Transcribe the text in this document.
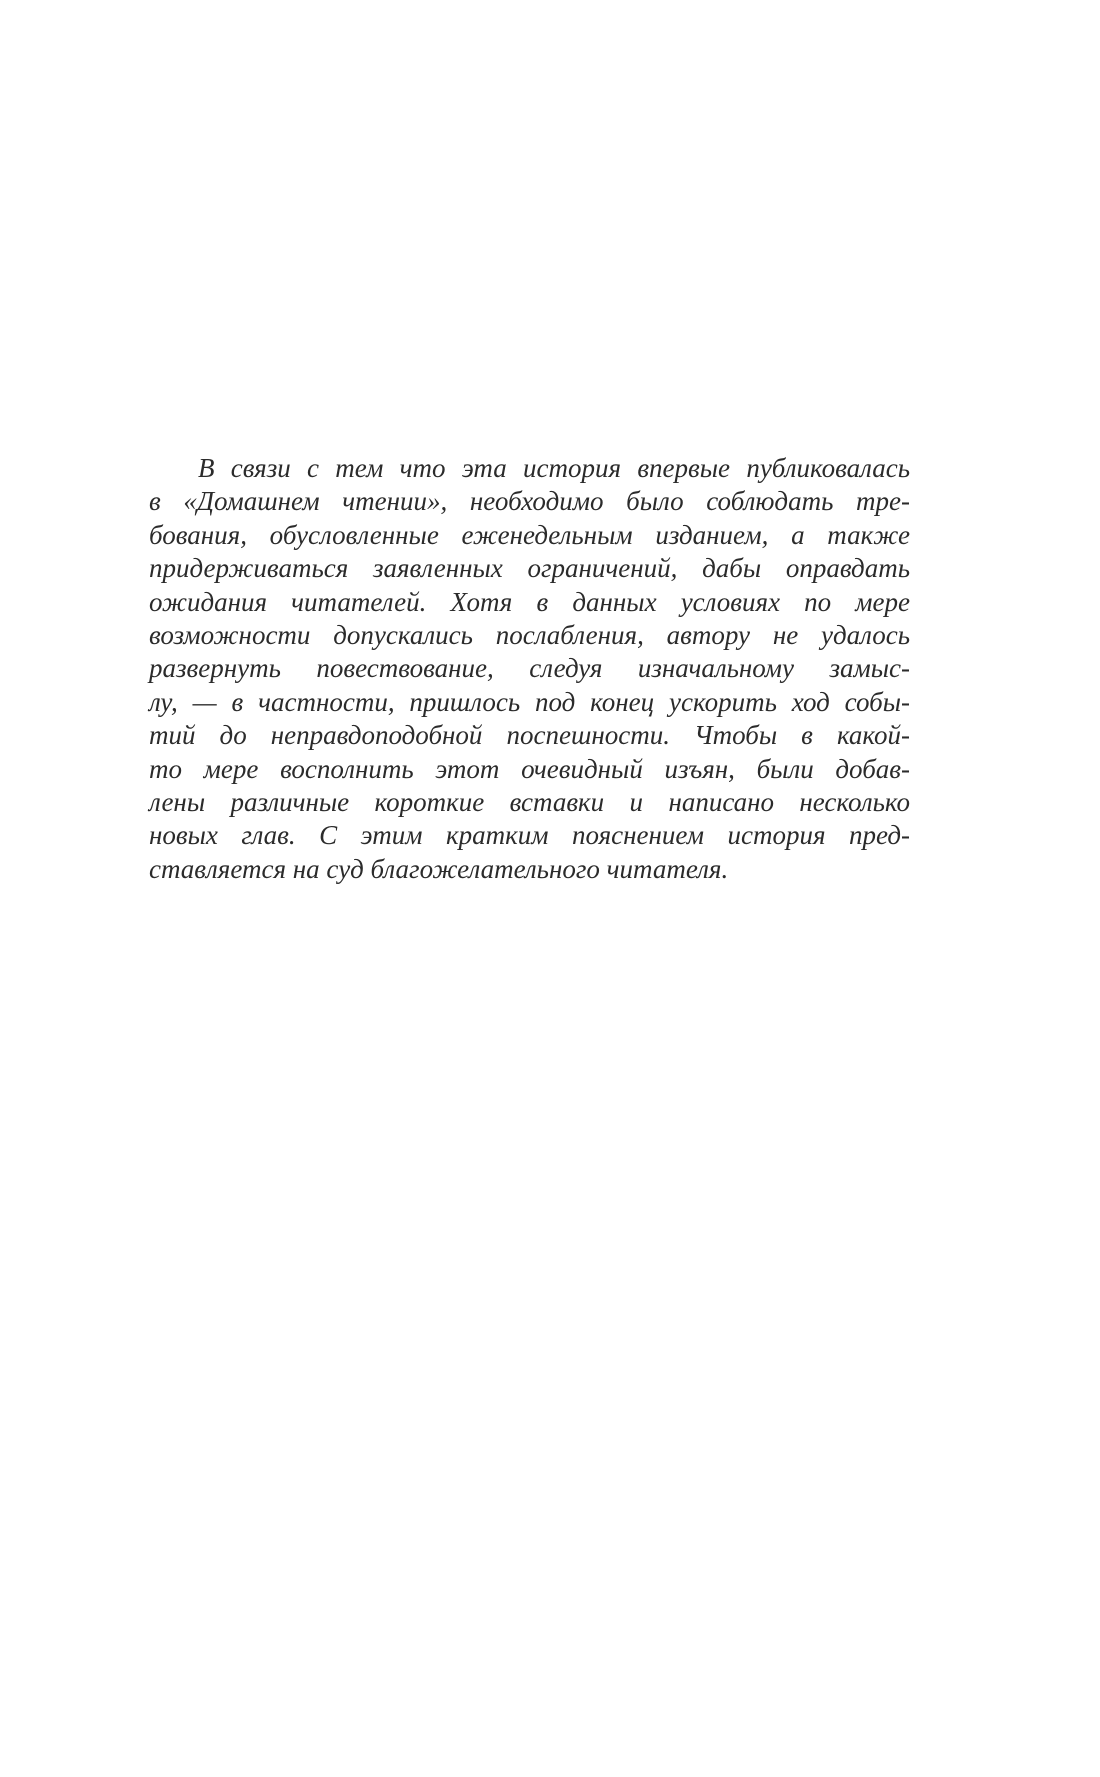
В связи с тем что эта история впервые публиковалась
в «Домашнем чтении», необходимо было соблюдать тре-
бования, обусловленные еженедельным изданием, а также
придерживаться заявленных ограничений, дабы оправдать
ожидания читателей. Хотя в данных условиях по мере
возможности допускались послабления, автору не удалось
развернуть повествование, следуя изначальному замыс-
лу, — в частности, пришлось под конец ускорить ход собы-
тий до неправдоподобной поспешности. Чтобы в какой-
то мере восполнить этот очевидный изъян, были добав-
лены различные короткие вставки и написано несколько
новых глав. С этим кратким пояснением история пред-
ставляется на суд благожелательного читателя.
